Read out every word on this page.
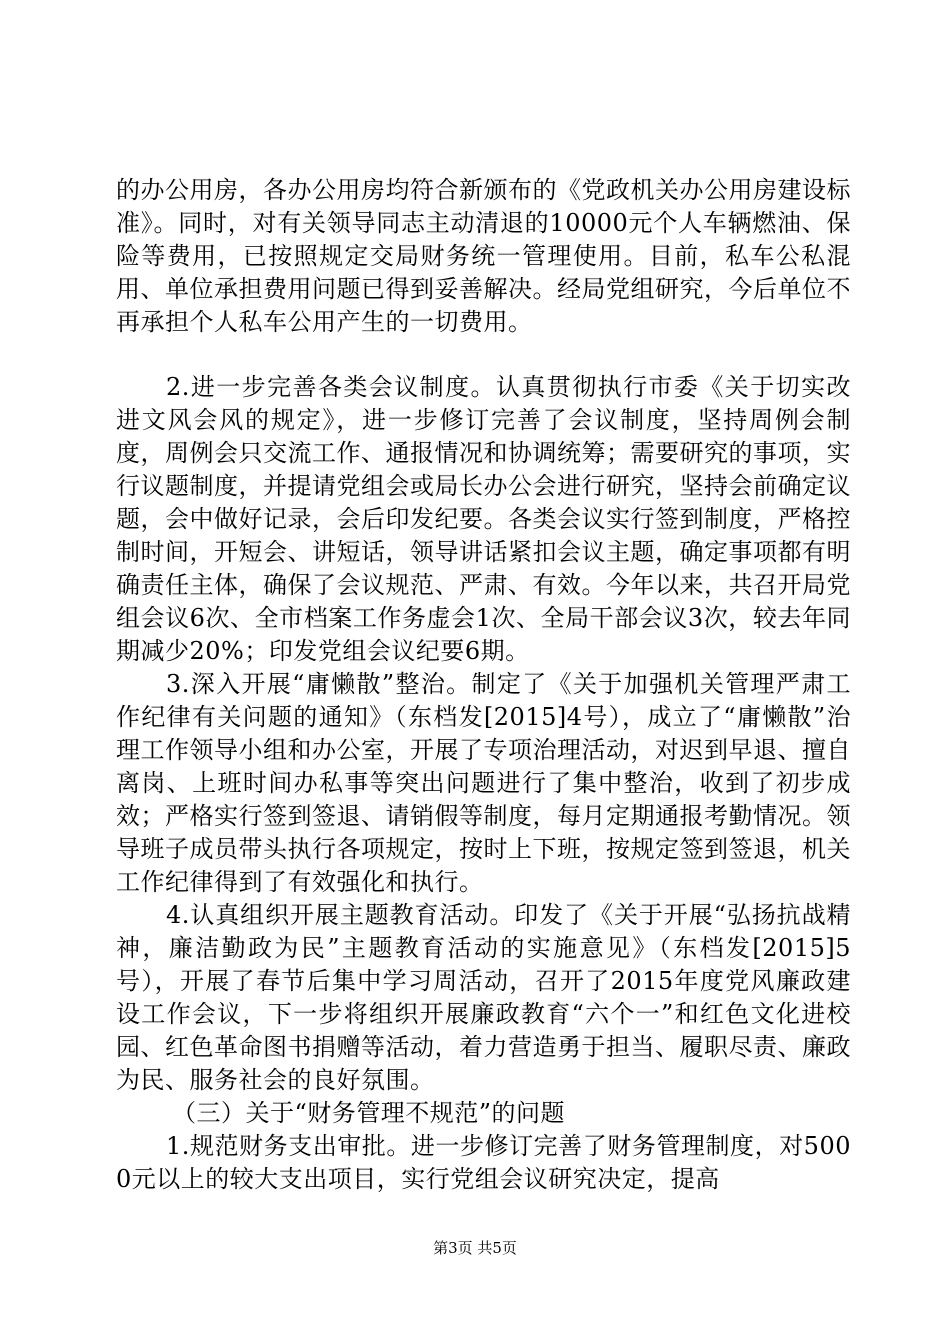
的办公用房，各办公用房均符合新颁布的《党政机关办公用房建设标准》。同时，对有关领导同志主动清退的10000元个人车辆燃油、保险等费用，已按照规定交局财务统一管理使用。目前，私车公私混用、单位承担费用问题已得到妥善解决。经局党组研究，今后单位不再承担个人私车公用产生的一切费用。

2.进一步完善各类会议制度。认真贯彻执行市委《关于切实改进文风会风的规定》，进一步修订完善了会议制度，坚持周例会制度，周例会只交流工作、通报情况和协调统筹；需要研究的事项，实行议题制度，并提请党组会或局长办公会进行研究，坚持会前确定议题，会中做好记录，会后印发纪要。各类会议实行签到制度，严格控制时间，开短会、讲短话，领导讲话紧扣会议主题，确定事项都有明确责任主体，确保了会议规范、严肃、有效。今年以来，共召开局党组会议6次、全市档案工作务虚会1次、全局干部会议3次，较去年同期减少20%；印发党组会议纪要6期。

3.深入开展“庸懒散”整治。制定了《关于加强机关管理严肃工作纪律有关问题的通知》（东档发[2015]4号），成立了“庸懒散”治理工作领导小组和办公室，开展了专项治理活动，对迟到早退、擅自离岗、上班时间办私事等突出问题进行了集中整治，收到了初步成效；严格实行签到签退、请销假等制度，每月定期通报考勤情况。领导班子成员带头执行各项规定，按时上下班，按规定签到签退，机关工作纪律得到了有效强化和执行。

4.认真组织开展主题教育活动。印发了《关于开展“弘扬抗战精神，廉洁勤政为民”主题教育活动的实施意见》（东档发[2015]5号），开展了春节后集中学习周活动，召开了2015年度党风廉政建设工作会议，下一步将组织开展廉政教育“六个一”和红色文化进校园、红色革命图书捐赠等活动，着力营造勇于担当、履职尽责、廉政为民、服务社会的良好氛围。

（三）关于“财务管理不规范”的问题

1.规范财务支出审批。进一步修订完善了财务管理制度，对5000元以上的较大支出项目，实行党组会议研究决定，提高

第3页 共5页
